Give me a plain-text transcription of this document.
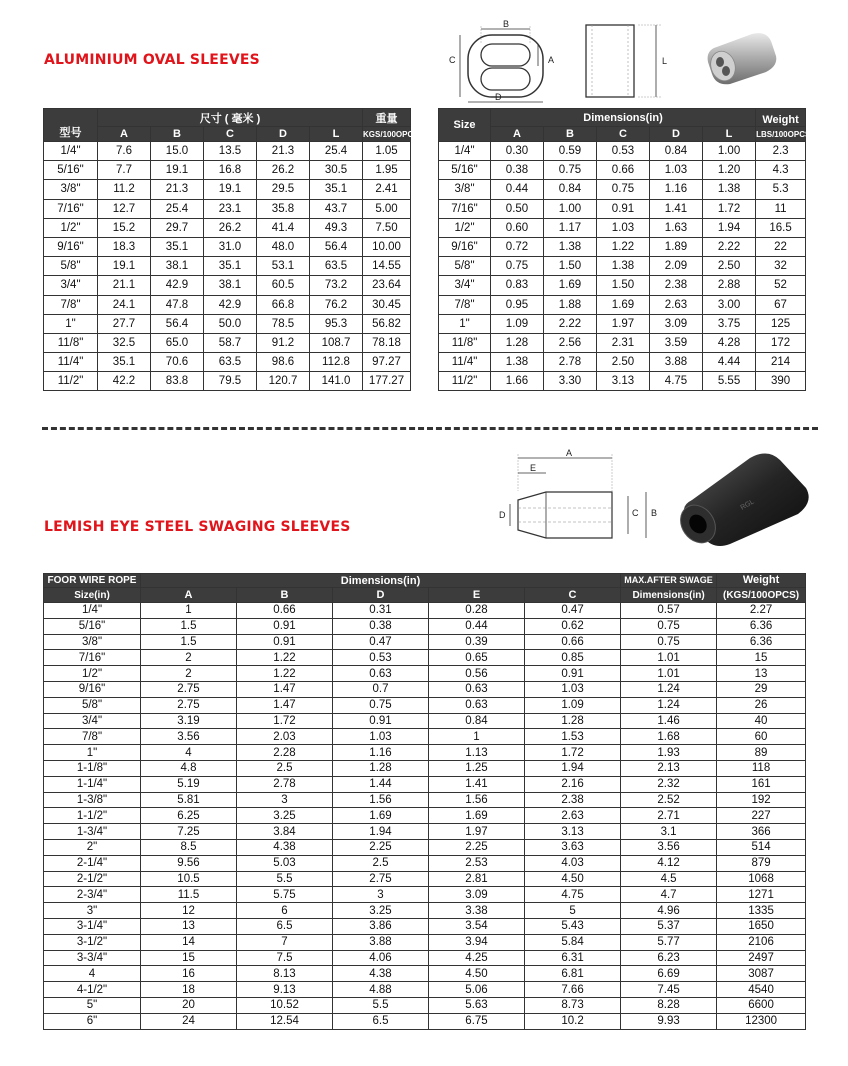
ALUMINIUM OVAL SLEEVES
B
C	A
D
L
型号	尺寸 ( 毫米 )					重量
	A	B	C	D	L	KGS/100OPCS
1/4"	7.6	15.0	13.5	21.3	25.4	1.05
5/16"	7.7	19.1	16.8	26.2	30.5	1.95
3/8"	11.2	21.3	19.1	29.5	35.1	2.41
7/16"	12.7	25.4	23.1	35.8	43.7	5.00
1/2"	15.2	29.7	26.2	41.4	49.3	7.50
9/16"	18.3	35.1	31.0	48.0	56.4	10.00
5/8"	19.1	38.1	35.1	53.1	63.5	14.55
3/4"	21.1	42.9	38.1	60.5	73.2	23.64
7/8"	24.1	47.8	42.9	66.8	76.2	30.45
1"	27.7	56.4	50.0	78.5	95.3	56.82
11/8"	32.5	65.0	58.7	91.2	108.7	78.18
11/4"	35.1	70.6	63.5	98.6	112.8	97.27
11/2"	42.2	83.8	79.5	120.7	141.0	177.27
Size	Dimensions(in)					Weight
	A	B	C	D	L	LBS/100OPCS
1/4"	0.30	0.59	0.53	0.84	1.00	2.3
5/16"	0.38	0.75	0.66	1.03	1.20	4.3
3/8"	0.44	0.84	0.75	1.16	1.38	5.3
7/16"	0.50	1.00	0.91	1.41	1.72	11
1/2"	0.60	1.17	1.03	1.63	1.94	16.5
9/16"	0.72	1.38	1.22	1.89	2.22	22
5/8"	0.75	1.50	1.38	2.09	2.50	32
3/4"	0.83	1.69	1.50	2.38	2.88	52
7/8"	0.95	1.88	1.69	2.63	3.00	67
1"	1.09	2.22	1.97	3.09	3.75	125
11/8"	1.28	2.56	2.31	3.59	4.28	172
11/4"	1.38	2.78	2.50	3.88	4.44	214
11/2"	1.66	3.30	3.13	4.75	5.55	390
A
E
D	C B
RGL
LEMISH EYE STEEL SWAGING SLEEVES
FOOR WIRE ROPE	Dimensions(in)					MAX.AFTER SWAGE	Weight
Size(in)	A	B	D	E	C	Dimensions(in)	(KGS/100OPCS)
1/4"	1	0.66	0.31	0.28	0.47	0.57	2.27
5/16"	1.5	0.91	0.38	0.44	0.62	0.75	6.36
3/8"	1.5	0.91	0.47	0.39	0.66	0.75	6.36
7/16"	2	1.22	0.53	0.65	0.85	1.01	15
1/2"	2	1.22	0.63	0.56	0.91	1.01	13
9/16"	2.75	1.47	0.7	0.63	1.03	1.24	29
5/8"	2.75	1.47	0.75	0.63	1.09	1.24	26
3/4"	3.19	1.72	0.91	0.84	1.28	1.46	40
7/8"	3.56	2.03	1.03	1	1.53	1.68	60
1"	4	2.28	1.16	1.13	1.72	1.93	89
1-1/8"	4.8	2.5	1.28	1.25	1.94	2.13	118
1-1/4"	5.19	2.78	1.44	1.41	2.16	2.32	161
1-3/8"	5.81	3	1.56	1.56	2.38	2.52	192
1-1/2"	6.25	3.25	1.69	1.69	2.63	2.71	227
1-3/4"	7.25	3.84	1.94	1.97	3.13	3.1	366
2"	8.5	4.38	2.25	2.25	3.63	3.56	514
2-1/4"	9.56	5.03	2.5	2.53	4.03	4.12	879
2-1/2"	10.5	5.5	2.75	2.81	4.50	4.5	1068
2-3/4"	11.5	5.75	3	3.09	4.75	4.7	1271
3"	12	6	3.25	3.38	5	4.96	1335
3-1/4"	13	6.5	3.86	3.54	5.43	5.37	1650
3-1/2"	14	7	3.88	3.94	5.84	5.77	2106
3-3/4"	15	7.5	4.06	4.25	6.31	6.23	2497
4	16	8.13	4.38	4.50	6.81	6.69	3087
4-1/2"	18	9.13	4.88	5.06	7.66	7.45	4540
5"	20	10.52	5.5	5.63	8.73	8.28	6600
6"	24	12.54	6.5	6.75	10.2	9.93	12300
